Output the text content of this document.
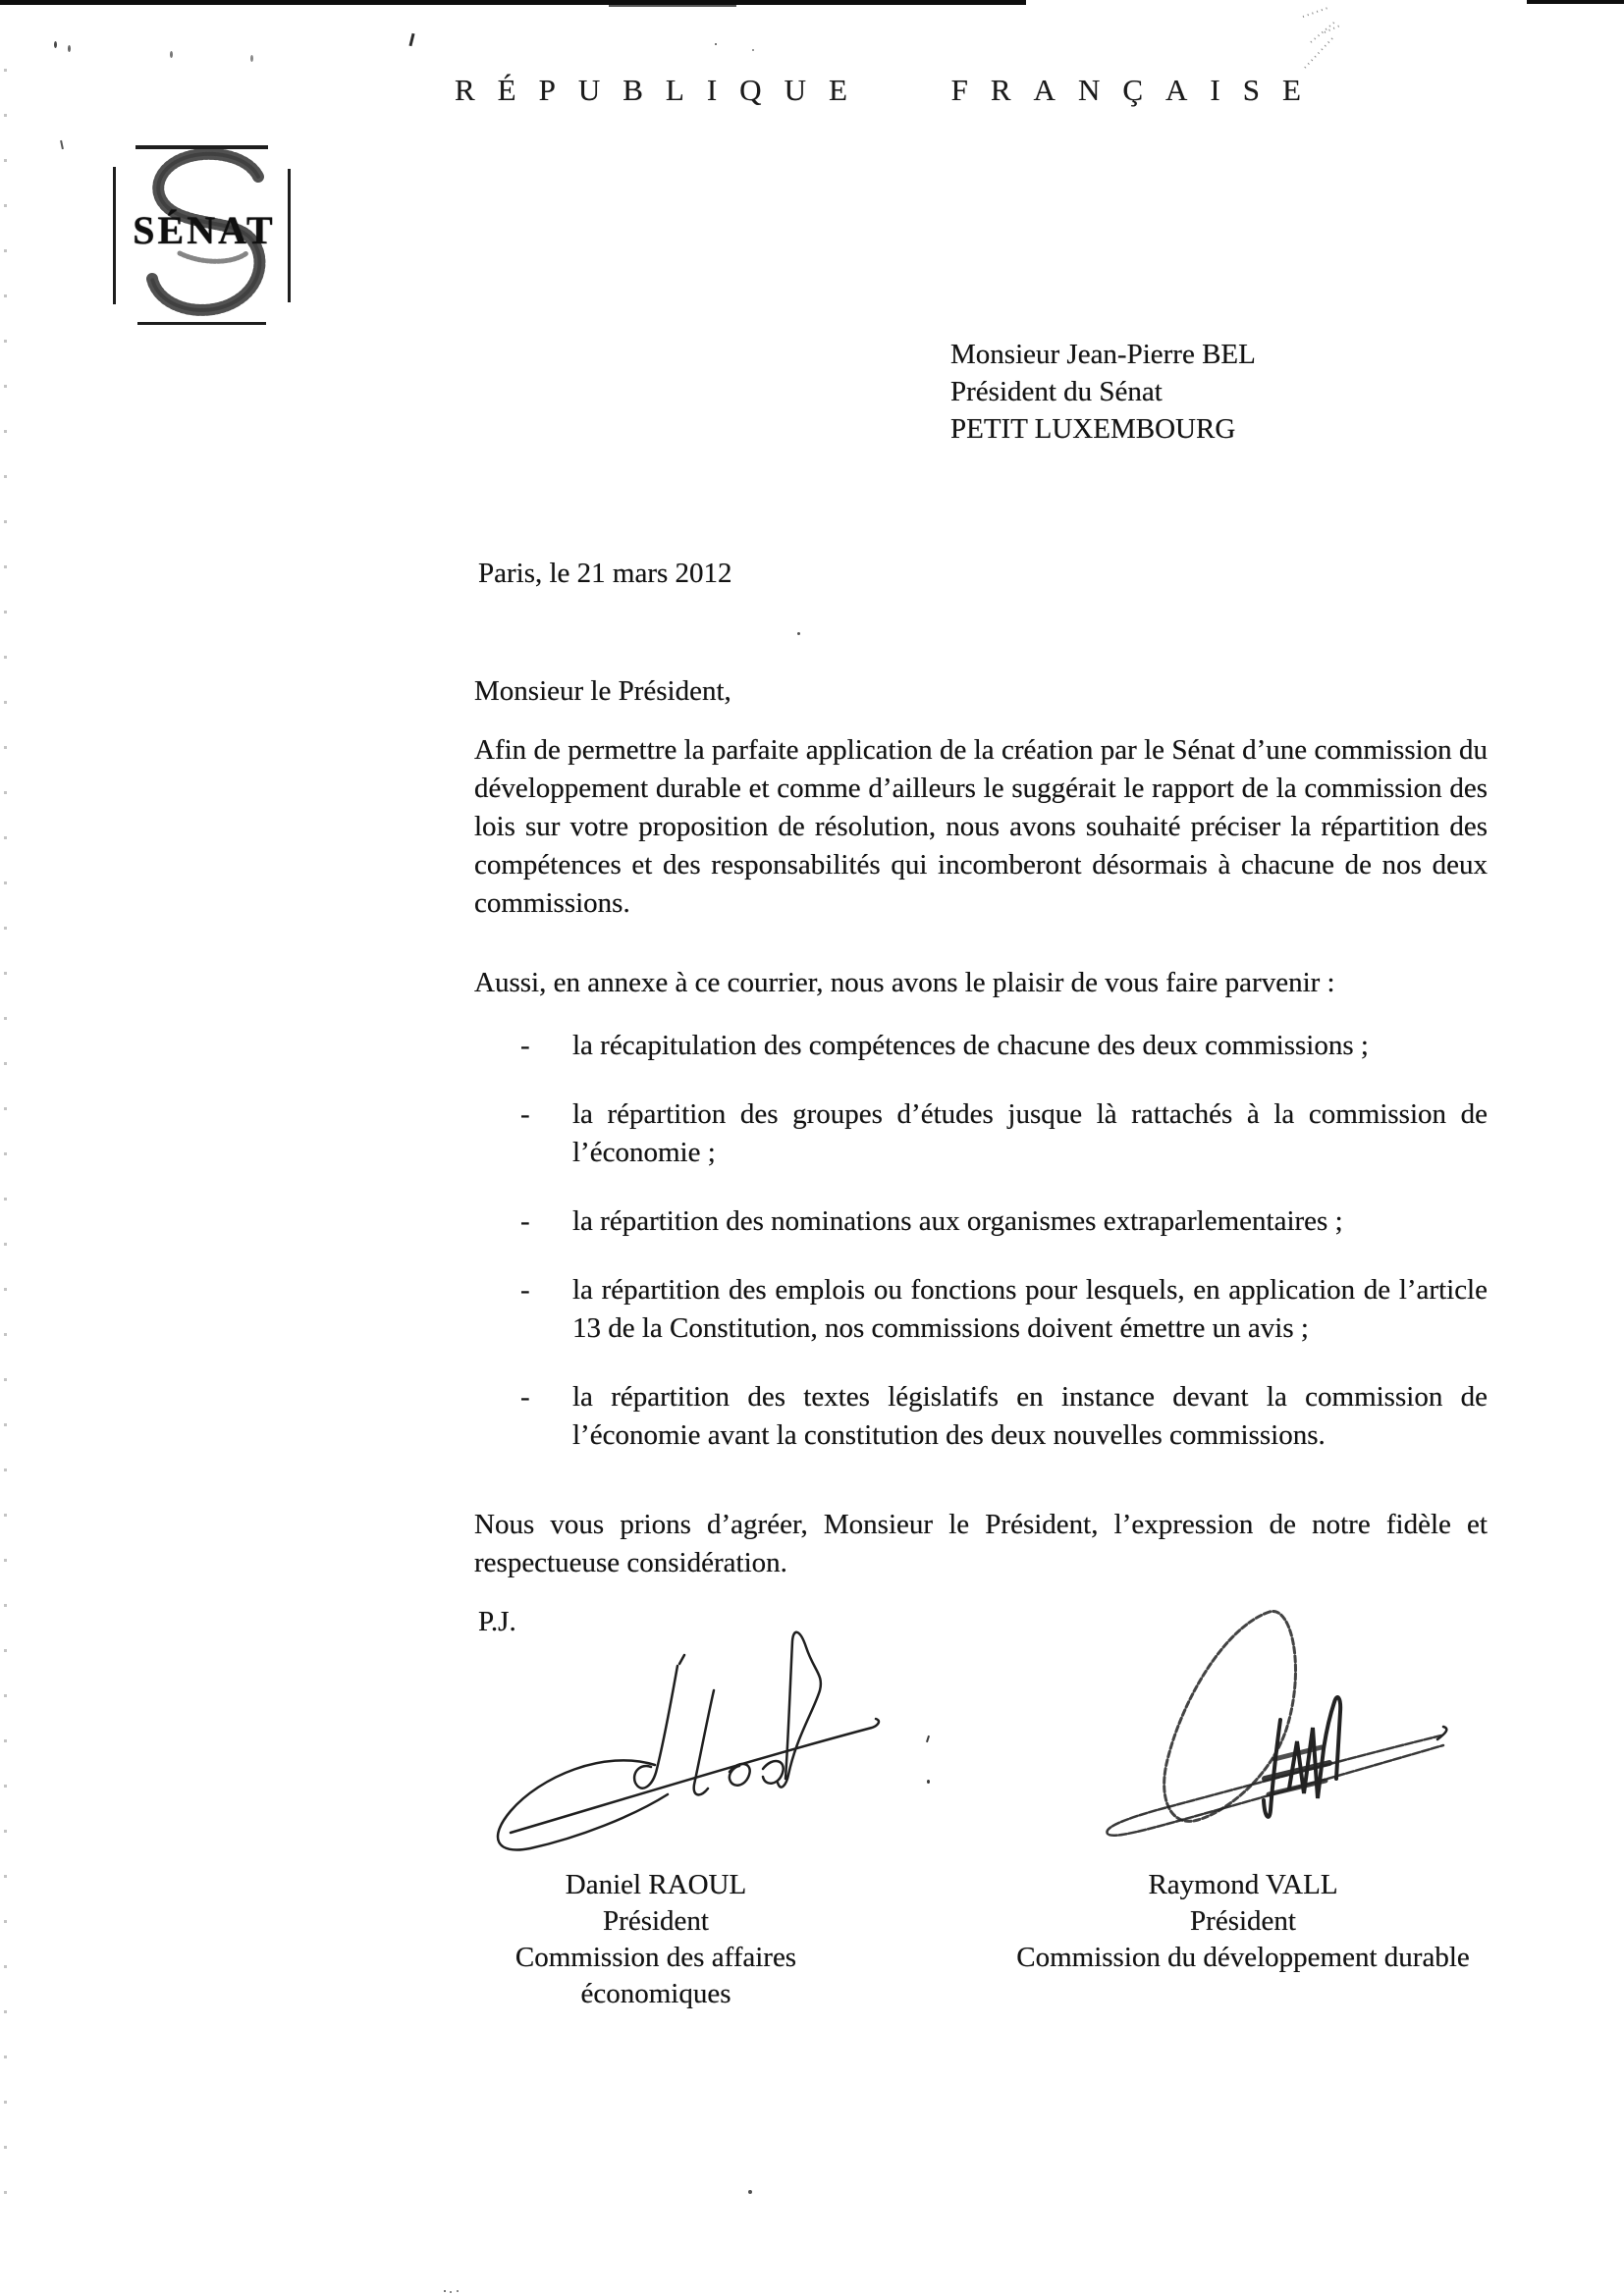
RÉPUBLIQUE FRANÇAISE
SÉNAT
Monsieur Jean-Pierre BEL
Président du Sénat
PETIT LUXEMBOURG
Paris, le 21 mars 2012
Monsieur le Président,
Afin de permettre la parfaite application de la création par le Sénat d’une commission du développement durable et comme d’ailleurs le suggérait le rapport de la commission des lois sur votre proposition de résolution, nous avons souhaité préciser la répartition des compétences et des responsabilités qui incomberont désormais à chacune de nos deux commissions.
Aussi, en annexe à ce courrier, nous avons le plaisir de vous faire parvenir :
-	la récapitulation des compétences de chacune des deux commissions ;
-	la répartition des groupes d’études jusque là rattachés à la commission de l’économie ;
-	la répartition des nominations aux organismes extraparlementaires ;
-	la répartition des emplois ou fonctions pour lesquels, en application de l’article 13 de la Constitution, nos commissions doivent émettre un avis ;
-	la répartition des textes législatifs en instance devant la commission de l’économie avant la constitution des deux nouvelles commissions.
Nous vous prions d’agréer, Monsieur le Président, l’expression de notre fidèle et respectueuse considération.
P.J.
Daniel RAOUL
Président
Commission des affaires économiques
Raymond VALL
Président
Commission du développement durable
